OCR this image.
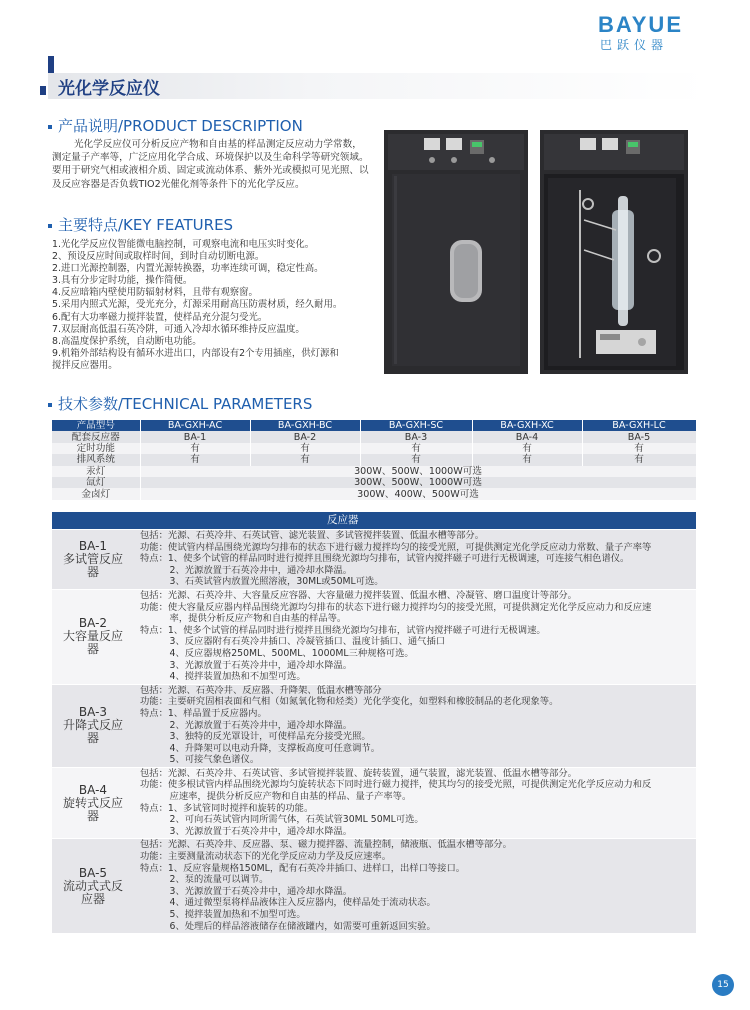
BAYUE
巴跃仪器
光化学反应仪
产品说明/PRODUCT DESCRIPTION

光化学反应仪可分析反应产物和自由基的样品测定反应动力学常数，测定量子产率等，广泛应用化学合成、环境保护以及生命科学等研究领域。要用于研究气相或液相介质、固定或流动体系、紫外光或模拟可见光照、以及反应容器是否负载TIO2光催化剂等条件下的光化学反应。

主要特点/KEY FEATURES
1.光化学反应仪智能微电脑控制，可观察电流和电压实时变化。
2、预设反应时间或取样时间，到时自动切断电源。
2.进口光源控制器，内置光源转换器，功率连续可调，稳定性高。
3.具有分步定时功能，操作简便。
4.反应暗箱内壁使用防辐射材料，且带有观察窗。
5.采用内照式光源，受光充分，灯源采用耐高压防震材质，经久耐用。
6.配有大功率磁力搅拌装置，使样品充分混匀受光。
7.双层耐高低温石英冷阱，可通入冷却水循环维持反应温度。
8.高温度保护系统，自动断电功能。
9.机箱外部结构设有循环水进出口，内部设有2个专用插座，供灯源和
搅拌反应器用。
技术参数/TECHNICAL PARAMETERS
产品型号	BA-GXH-AC	BA-GXH-BC	BA-GXH-SC	BA-GXH-XC	BA-GXH-LC
配套反应器	BA-1	BA-2	BA-3	BA-4	BA-5
定时功能	有	有	有	有	有
排风系统	有	有	有	有	有
汞灯	300W、500W、1000W可选				
氙灯	300W、500W、1000W可选				
金卤灯	300W、400W、500W可选				
反应器
BA-1
多试管反应
器
包括：光源、石英冷井、石英试管、滤光装置、多试管搅拌装置、低温水槽等部分。
功能：使试管内样品围绕光源均匀排布的状态下进行磁力搅拌均匀的接受光照，可提供测定光化学反应动力常数、量子产率等
特点：1、使多个试管的样品同时进行搅拌且围绕光源均匀排布，试管内搅拌磁子可进行无极调速，可连接气相色谱仪。
2、光源放置于石英冷井中，通冷却水降温。
3、石英试管内放置光照溶液，30ML或50ML可选。
BA-2
大容量反应
器
包括：光源、石英冷井、大容量反应容器、大容量磁力搅拌装置、低温水槽、冷凝管、磨口温度计等部分。
功能：使大容量反应器内样品围绕光源均匀排布的状态下进行磁力搅拌均匀的接受光照，可提供测定光化学反应动力和反应速
率，提供分析反应产物和自由基的样品等。
特点：1、使多个试管的样品同时进行搅拌且围绕光源均匀排布，试管内搅拌磁子可进行无极调速。
3、反应器附有石英冷井插口、冷凝管插口、温度计插口、通气插口
4、反应器规格250ML、500ML、1000ML三种规格可选。
3、光源放置于石英冷井中，通冷却水降温。
4、搅拌装置加热和不加型可选。
BA-3
升降式反应
器
包括：光源、石英冷井、反应器、升降架、低温水槽等部分
功能：主要研究固相表面和气相（如氮氧化物和烃类）光化学变化，如塑料和橡胶制品的老化现象等。
特点：1、样品置于反应器内。
2、光源放置于石英冷井中，通冷却水降温。
3、独特的反光罩设计，可使样品充分接受光照。
4、升降架可以电动升降，支撑板高度可任意调节。
5、可接气象色谱仪。
BA-4
旋转式反应
器
包括：光源、石英冷井、石英试管、多试管搅拌装置、旋转装置，通气装置，滤光装置、低温水槽等部分。
功能：使多根试管内样品围绕光源均匀旋转状态下同时进行磁力搅拌，使其均匀的接受光照，可提供测定光化学反应动力和反
应速率，提供分析反应产物和自由基的样品、量子产率等。
特点：1、多试管同时搅拌和旋转的功能。
2、可向石英试管内同所需气体，石英试管30ML 50ML可选。
3、光源放置于石英冷井中，通冷却水降温。
BA-5
流动式式反
应器
包括：光源、石英冷井、反应器、泵、磁力搅拌器、流量控制，储液瓶、低温水槽等部分。
功能：主要测量流动状态下的光化学反应动力学及反应速率。
特点：1、反应容量规格150ML，配有石英冷井插口、进样口，出样口等接口。
2、泵的流量可以调节。
3、光源放置于石英冷井中，通冷却水降温。
4、通过微型泵将样品液体注入反应器内，使样品处于流动状态。
5、搅拌装置加热和不加型可选。
6、处理后的样品溶液储存在储液罐内，如需要可重新返回实验。
15
